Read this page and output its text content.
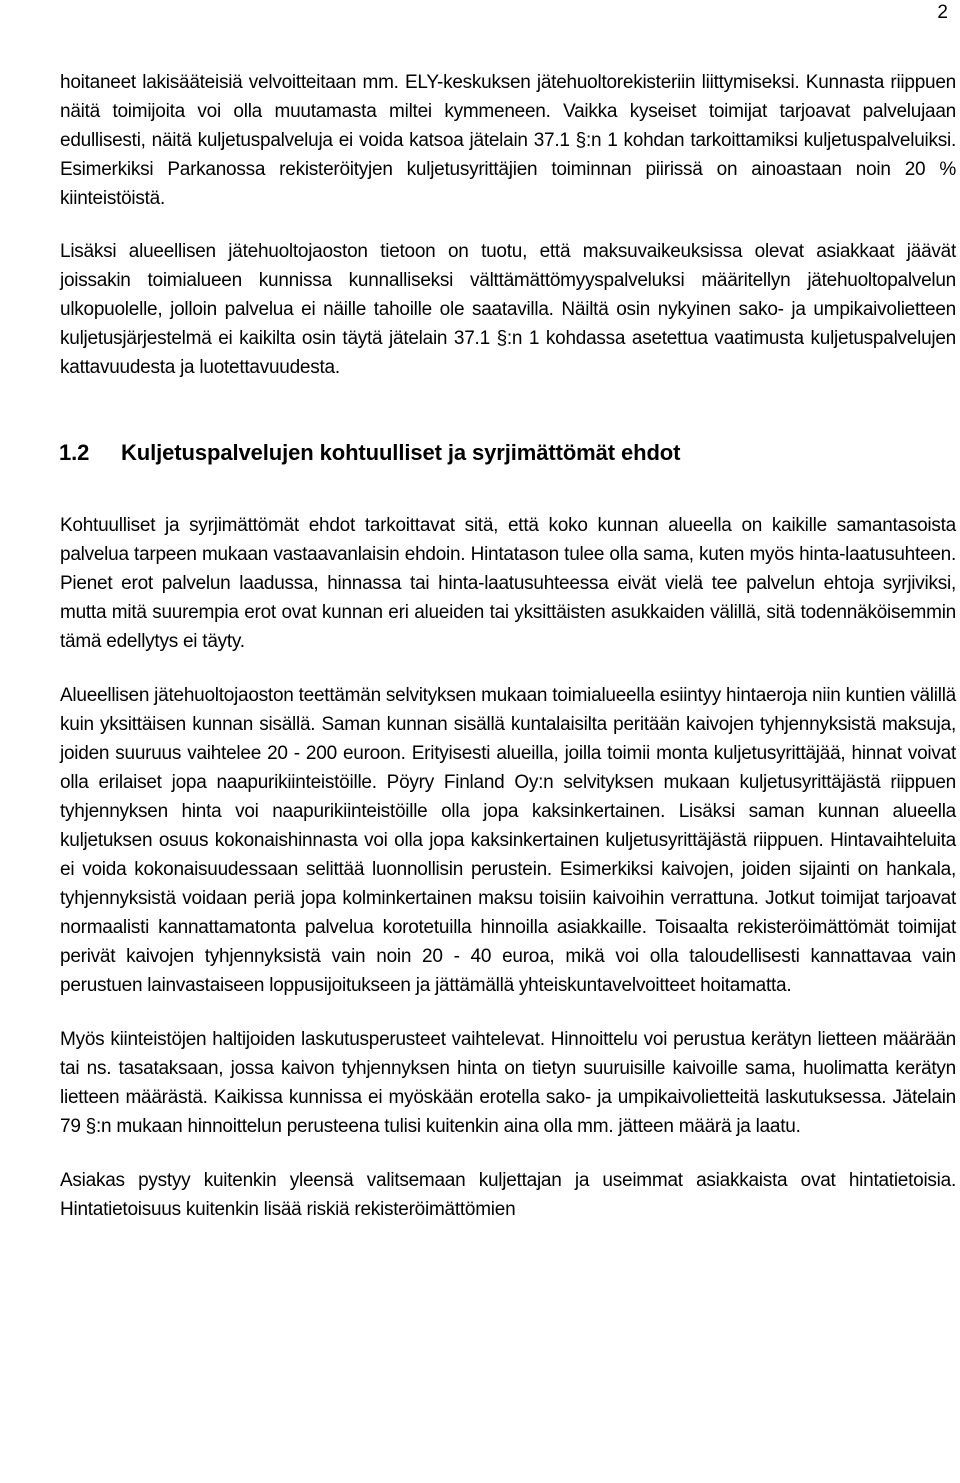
2

hoitaneet lakisääteisiä velvoitteitaan mm. ELY-keskuksen jätehuoltorekisteriin liittymiseksi. Kunnasta riippuen näitä toimijoita voi olla muutamasta miltei kymmeneen. Vaikka kyseiset toimijat tarjoavat palvelujaan edullisesti, näitä kuljetuspalveluja ei voida katsoa jätelain 37.1 §:n 1 kohdan tarkoittamiksi kuljetuspalveluiksi. Esimerkiksi Parkanossa rekisteröityjen kuljetusyrittäjien toiminnan piirissä on ainoastaan noin 20 % kiinteistöistä.

Lisäksi alueellisen jätehuoltojaoston tietoon on tuotu, että maksuvaikeuksissa olevat asiakkaat jäävät joissakin toimialueen kunnissa kunnalliseksi välttämättömyyspalveluksi määritellyn jätehuoltopalvelun ulkopuolelle, jolloin palvelua ei näille tahoille ole saatavilla. Näiltä osin nykyinen sako- ja umpikaivolietteen kuljetusjärjestelmä ei kaikilta osin täytä jätelain 37.1 §:n 1 kohdassa asetettua vaatimusta kuljetuspalvelujen kattavuudesta ja luotettavuudesta.

1.2	Kuljetuspalvelujen kohtuulliset ja syrjimättömät ehdot

Kohtuulliset ja syrjimättömät ehdot tarkoittavat sitä, että koko kunnan alueella on kaikille samantasoista palvelua tarpeen mukaan vastaavanlaisin ehdoin. Hintatason tulee olla sama, kuten myös hinta-laatusuhteen. Pienet erot palvelun laadussa, hinnassa tai hinta-laatusuhteessa eivät vielä tee palvelun ehtoja syrjiviksi, mutta mitä suurempia erot ovat kunnan eri alueiden tai yksittäisten asukkaiden välillä, sitä todennäköisemmin tämä edellytys ei täyty.

Alueellisen jätehuoltojaoston teettämän selvityksen mukaan toimialueella esiintyy hintaeroja niin kuntien välillä kuin yksittäisen kunnan sisällä. Saman kunnan sisällä kuntalaisilta peritään kaivojen tyhjennyksistä maksuja, joiden suuruus vaihtelee 20 - 200 euroon. Erityisesti alueilla, joilla toimii monta kuljetusyrittäjää, hinnat voivat olla erilaiset jopa naapurikiinteistöille. Pöyry Finland Oy:n selvityksen mukaan kuljetusyrittäjästä riippuen tyhjennyksen hinta voi naapurikiinteistöille olla jopa kaksinkertainen. Lisäksi saman kunnan alueella kuljetuksen osuus kokonaishinnasta voi olla jopa kaksinkertainen kuljetusyrittäjästä riippuen. Hintavaihteluita ei voida kokonaisuudessaan selittää luonnollisin perustein. Esimerkiksi kaivojen, joiden sijainti on hankala, tyhjennyksistä voidaan periä jopa kolminkertainen maksu toisiin kaivoihin verrattuna. Jotkut toimijat tarjoavat normaalisti kannattamatonta palvelua korotetuilla hinnoilla asiakkaille. Toisaalta rekisteröimättömät toimijat perivät kaivojen tyhjennyksistä vain noin 20 - 40 euroa, mikä voi olla taloudellisesti kannattavaa vain perustuen lainvastaiseen loppusijoitukseen ja jättämällä yhteiskuntavelvoitteet hoitamatta.

Myös kiinteistöjen haltijoiden laskutusperusteet vaihtelevat. Hinnoittelu voi perustua kerätyn lietteen määrään tai ns. tasataksaan, jossa kaivon tyhjennyksen hinta on tietyn suuruisille kaivoille sama, huolimatta kerätyn lietteen määrästä. Kaikissa kunnissa ei myöskään erotella sako- ja umpikaivolietteitä laskutuksessa. Jätelain 79 §:n mukaan hinnoittelun perusteena tulisi kuitenkin aina olla mm. jätteen määrä ja laatu.

Asiakas pystyy kuitenkin yleensä valitsemaan kuljettajan ja useimmat asiakkaista ovat hintatietoisia. Hintatietoisuus kuitenkin lisää riskiä rekisteröimättömien
